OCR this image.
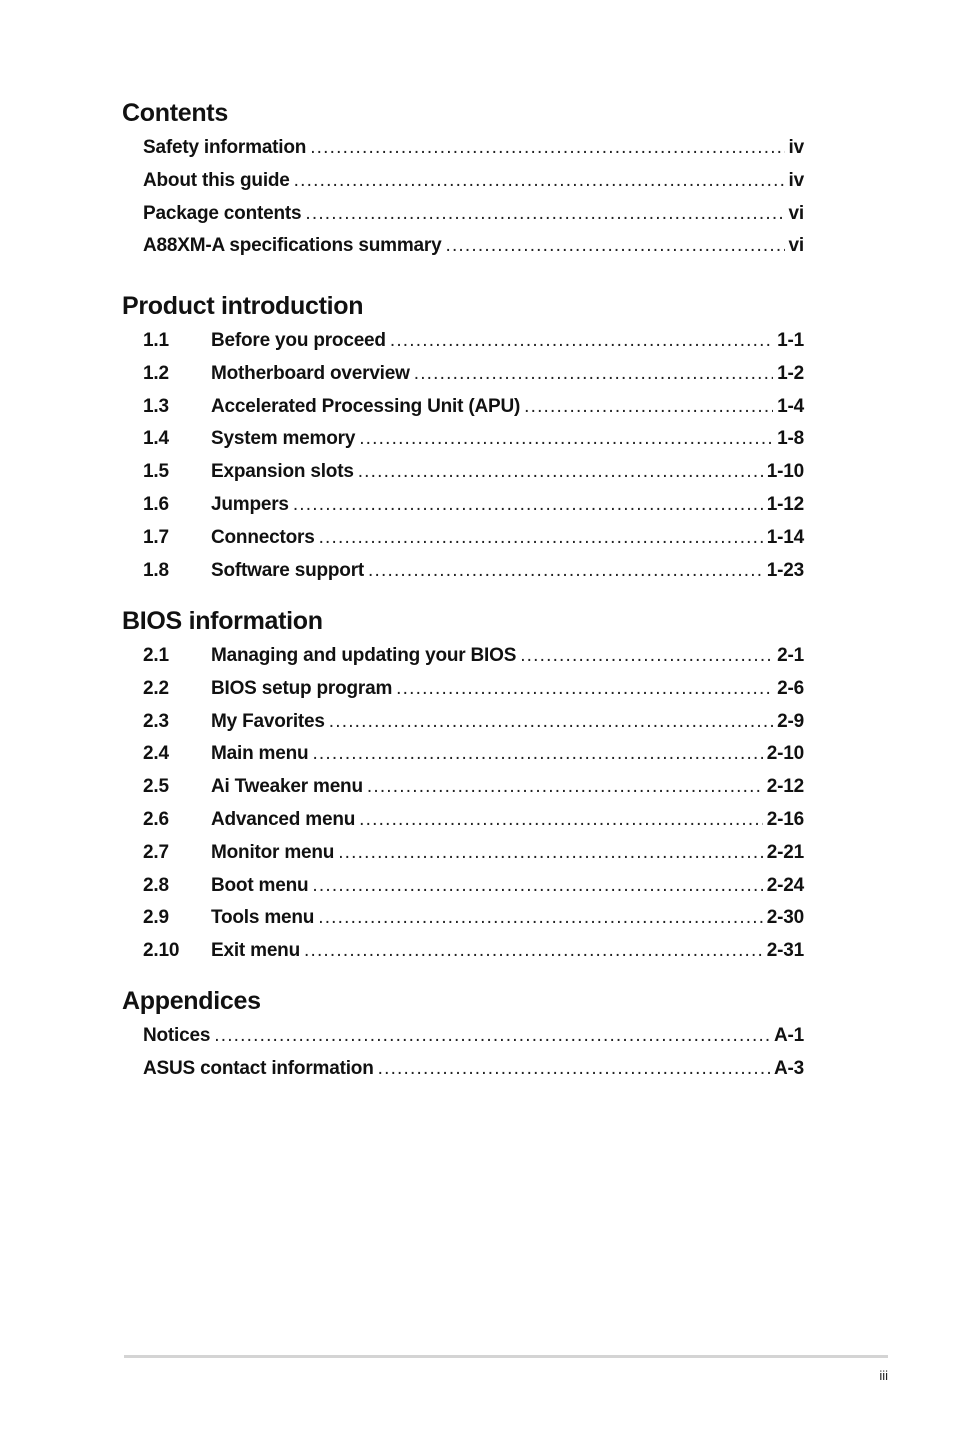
Contents
Safety information .....	iv
About this guide .....	iv
Package contents .....	vi
A88XM-A specifications summary .....	vi
Product introduction
1.1	Before you proceed .....	1-1
1.2	Motherboard overview .....	1-2
1.3	Accelerated Processing Unit (APU) .....	1-4
1.4	System memory .....	1-8
1.5	Expansion slots .....	1-10
1.6	Jumpers .....	1-12
1.7	Connectors .....	1-14
1.8	Software support .....	1-23
BIOS information
2.1	Managing and updating your BIOS .....	2-1
2.2	BIOS setup program .....	2-6
2.3	My Favorites .....	2-9
2.4	Main menu .....	2-10
2.5	Ai Tweaker menu .....	2-12
2.6	Advanced menu .....	2-16
2.7	Monitor menu .....	2-21
2.8	Boot menu .....	2-24
2.9	Tools menu .....	2-30
2.10	Exit menu .....	2-31
Appendices
Notices .....	A-1
ASUS contact information .....	A-3
iii
